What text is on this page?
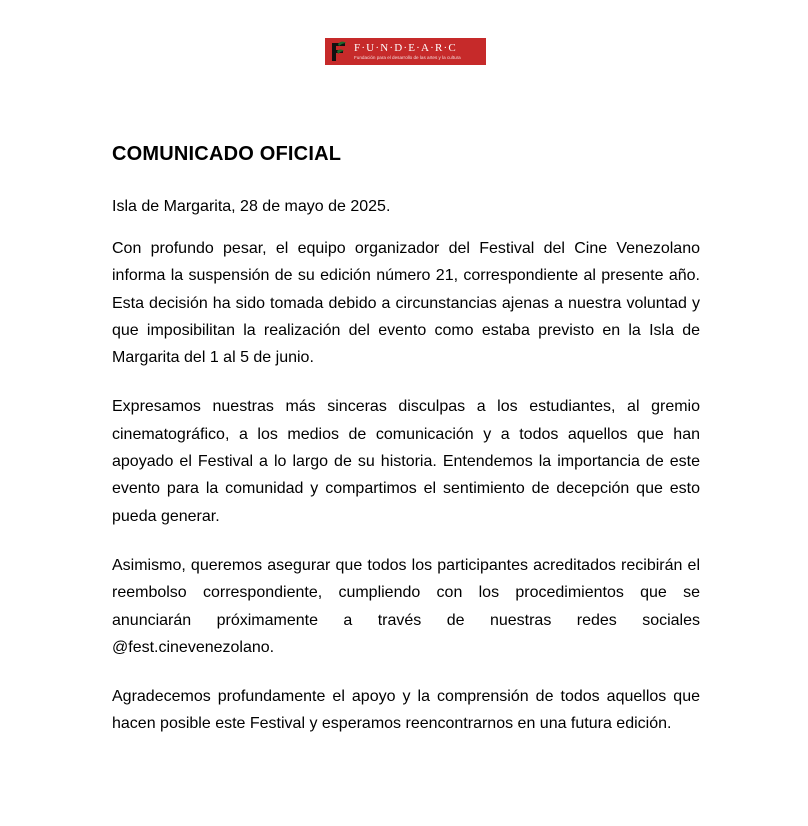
F·U·N·D·E·A·R·C
Fundación para el desarrollo de las artes y la cultura
COMUNICADO OFICIAL

Isla de Margarita, 28 de mayo de 2025.

Con profundo pesar, el equipo organizador del Festival del Cine Venezolano informa la suspensión de su edición número 21, correspondiente al presente año. Esta decisión ha sido tomada debido a circunstancias ajenas a nuestra voluntad y que imposibilitan la realización del evento como estaba previsto en la Isla de Margarita del 1 al 5 de junio.

Expresamos nuestras más sinceras disculpas a los estudiantes, al gremio cinematográfico, a los medios de comunicación y a todos aquellos que han apoyado el Festival a lo largo de su historia. Entendemos la importancia de este evento para la comunidad y compartimos el sentimiento de decepción que esto pueda generar.

Asimismo, queremos asegurar que todos los participantes acreditados recibirán el reembolso correspondiente, cumpliendo con los procedimientos que se anunciarán próximamente a través de nuestras redes sociales @fest.cinevenezolano.

Agradecemos profundamente el apoyo y la comprensión de todos aquellos que hacen posible este Festival y esperamos reencontrarnos en una futura edición.
